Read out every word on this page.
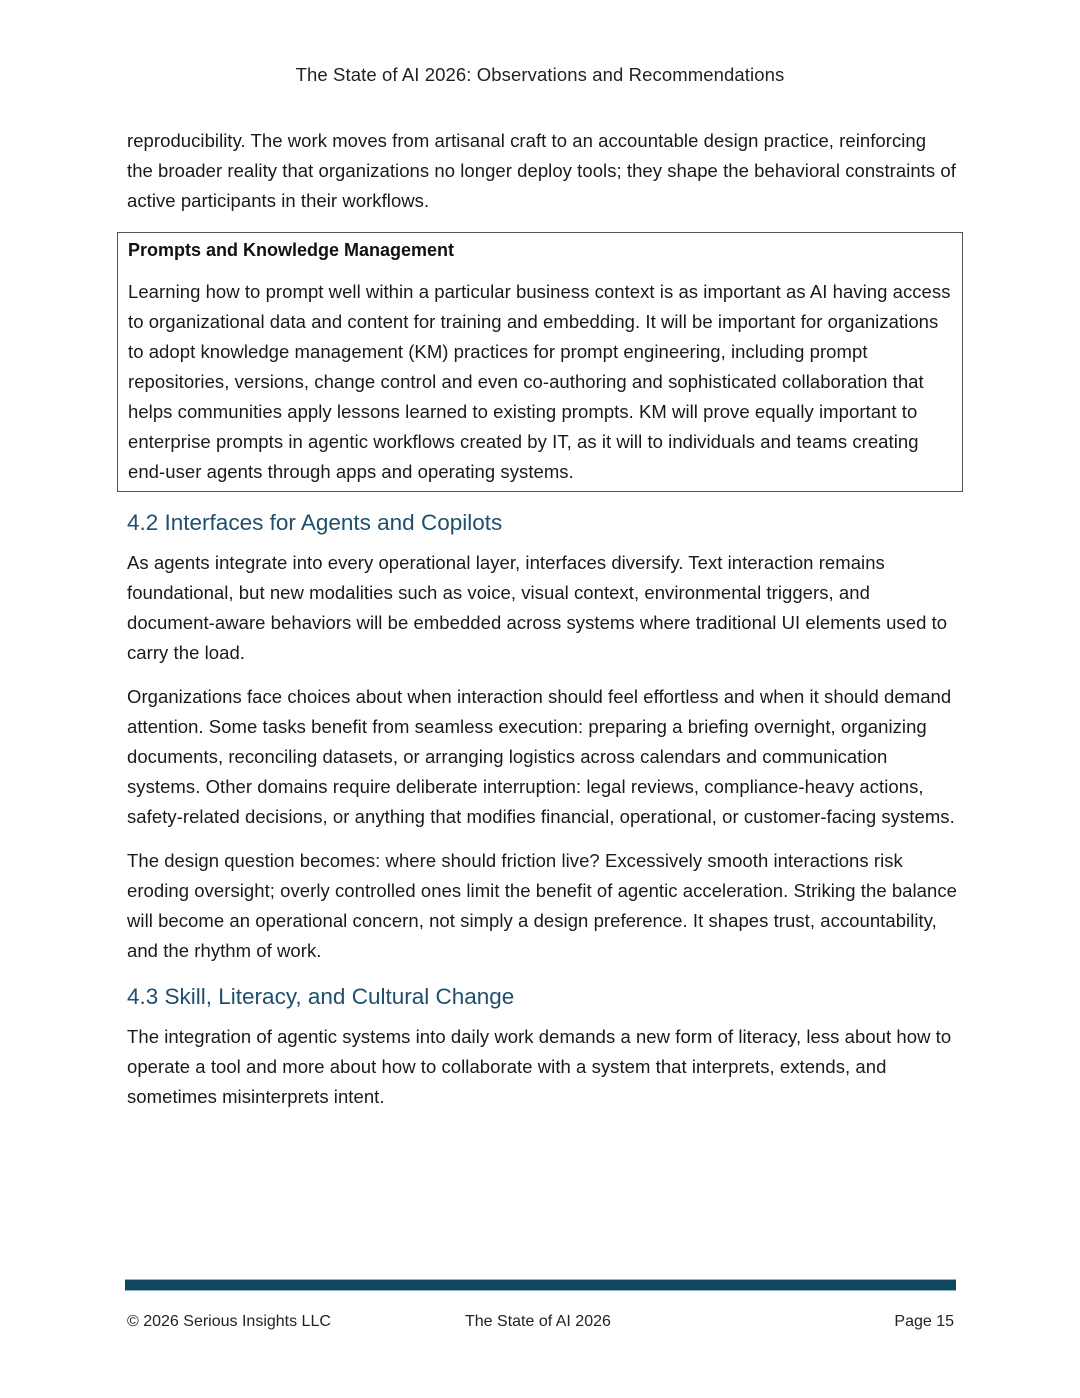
The State of AI 2026: Observations and Recommendations

reproducibility. The work moves from artisanal craft to an accountable design practice, reinforcing the broader reality that organizations no longer deploy tools; they shape the behavioral constraints of active participants in their workflows.

Prompts and Knowledge Management

Learning how to prompt well within a particular business context is as important as AI having access to organizational data and content for training and embedding. It will be important for organizations to adopt knowledge management (KM) practices for prompt engineering, including prompt repositories, versions, change control and even co-authoring and sophisticated collaboration that helps communities apply lessons learned to existing prompts. KM will prove equally important to enterprise prompts in agentic workflows created by IT, as it will to individuals and teams creating end-user agents through apps and operating systems.

4.2 Interfaces for Agents and Copilots

As agents integrate into every operational layer, interfaces diversify. Text interaction remains foundational, but new modalities such as voice, visual context, environmental triggers, and document-aware behaviors will be embedded across systems where traditional UI elements used to carry the load.

Organizations face choices about when interaction should feel effortless and when it should demand attention. Some tasks benefit from seamless execution: preparing a briefing overnight, organizing documents, reconciling datasets, or arranging logistics across calendars and communication systems. Other domains require deliberate interruption: legal reviews, compliance-heavy actions, safety-related decisions, or anything that modifies financial, operational, or customer-facing systems.

The design question becomes: where should friction live? Excessively smooth interactions risk eroding oversight; overly controlled ones limit the benefit of agentic acceleration. Striking the balance will become an operational concern, not simply a design preference. It shapes trust, accountability, and the rhythm of work.

4.3 Skill, Literacy, and Cultural Change

The integration of agentic systems into daily work demands a new form of literacy, less about how to operate a tool and more about how to collaborate with a system that interprets, extends, and sometimes misinterprets intent.

© 2026 Serious Insights LLC	The State of AI 2026	Page 15
